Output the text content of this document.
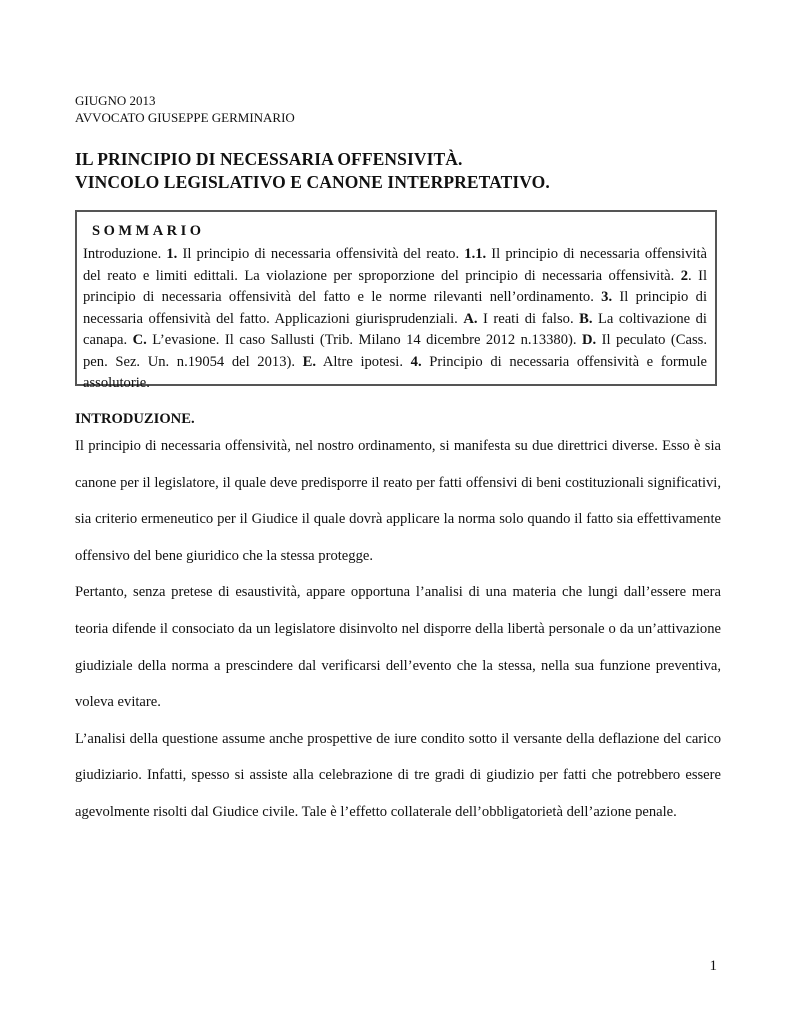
GIUGNO 2013
AVVOCATO GIUSEPPE GERMINARIO
IL PRINCIPIO DI NECESSARIA OFFENSIVITÀ.
VINCOLO LEGISLATIVO E CANONE INTERPRETATIVO.
SOMMARIO

Introduzione. 1. Il principio di necessaria offensività del reato. 1.1. Il principio di necessaria offensività del reato e limiti edittali. La violazione per sproporzione del principio di necessaria offensività. 2. Il principio di necessaria offensività del fatto e le norme rilevanti nell’ordinamento. 3. Il principio di necessaria offensività del fatto. Applicazioni giurisprudenziali. A. I reati di falso. B. La coltivazione di canapa. C. L’evasione. Il caso Sallusti (Trib. Milano 14 dicembre 2012 n.13380). D. Il peculato (Cass. pen. Sez. Un. n.19054 del 2013). E. Altre ipotesi. 4. Principio di necessaria offensività e formule assolutorie.

INTRODUZIONE.

Il principio di necessaria offensività, nel nostro ordinamento, si manifesta su due direttrici diverse. Esso è sia canone per il legislatore, il quale deve predisporre il reato per fatti offensivi di beni costituzionali significativi, sia criterio ermeneutico per il Giudice il quale dovrà applicare la norma solo quando il fatto sia effettivamente offensivo del bene giuridico che la stessa protegge.

Pertanto, senza pretese di esaustività, appare opportuna l’analisi di una materia che lungi dall’essere mera teoria difende il consociato da un legislatore disinvolto nel disporre della libertà personale o da un’attivazione giudiziale della norma a prescindere dal verificarsi dell’evento che la stessa, nella sua funzione preventiva, voleva evitare.

L’analisi della questione assume anche prospettive de iure condito sotto il versante della deflazione del carico giudiziario. Infatti, spesso si assiste alla celebrazione di tre gradi di giudizio per fatti che potrebbero essere agevolmente risolti dal Giudice civile. Tale è l’effetto collaterale dell’obbligatorietà dell’azione penale.

1
